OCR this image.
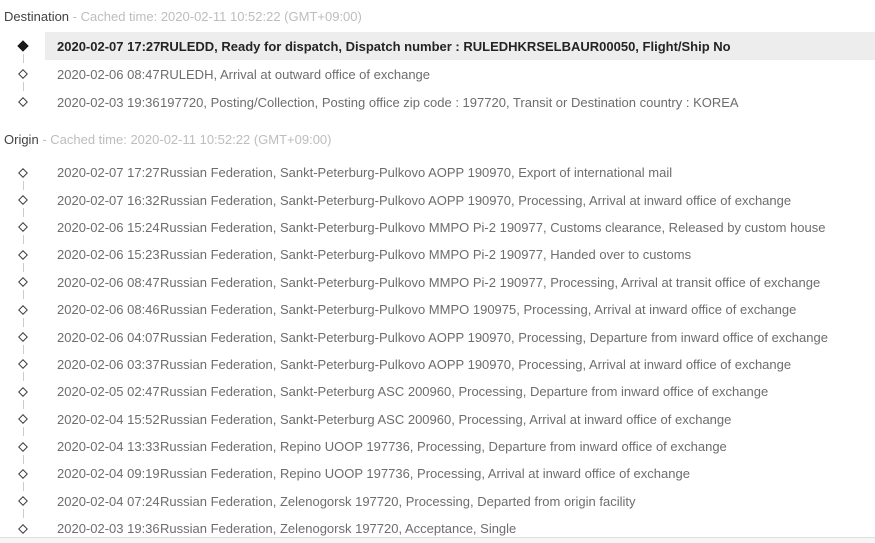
Destination - Cached time: 2020-02-11 10:52:22 (GMT+09:00)
2020-02-07 17:27 RULEDD, Ready for dispatch, Dispatch number : RULEDHKRSELBAUR00050, Flight/Ship No
2020-02-06 08:47 RULEDH, Arrival at outward office of exchange
2020-02-03 19:36 197720, Posting/Collection, Posting office zip code : 197720, Transit or Destination country : KOREA
Origin - Cached time: 2020-02-11 10:52:22 (GMT+09:00)
2020-02-07 17:27 Russian Federation, Sankt-Peterburg-Pulkovo AOPP 190970, Export of international mail
2020-02-07 16:32 Russian Federation, Sankt-Peterburg-Pulkovo AOPP 190970, Processing, Arrival at inward office of exchange
2020-02-06 15:24 Russian Federation, Sankt-Peterburg-Pulkovo MMPO Pi-2 190977, Customs clearance, Released by custom house
2020-02-06 15:23 Russian Federation, Sankt-Peterburg-Pulkovo MMPO Pi-2 190977, Handed over to customs
2020-02-06 08:47 Russian Federation, Sankt-Peterburg-Pulkovo MMPO Pi-2 190977, Processing, Arrival at transit office of exchange
2020-02-06 08:46 Russian Federation, Sankt-Peterburg-Pulkovo MMPO 190975, Processing, Arrival at inward office of exchange
2020-02-06 04:07 Russian Federation, Sankt-Peterburg-Pulkovo AOPP 190970, Processing, Departure from inward office of exchange
2020-02-06 03:37 Russian Federation, Sankt-Peterburg-Pulkovo AOPP 190970, Processing, Arrival at inward office of exchange
2020-02-05 02:47 Russian Federation, Sankt-Peterburg ASC 200960, Processing, Departure from inward office of exchange
2020-02-04 15:52 Russian Federation, Sankt-Peterburg ASC 200960, Processing, Arrival at inward office of exchange
2020-02-04 13:33 Russian Federation, Repino UOOP 197736, Processing, Departure from inward office of exchange
2020-02-04 09:19 Russian Federation, Repino UOOP 197736, Processing, Arrival at inward office of exchange
2020-02-04 07:24 Russian Federation, Zelenogorsk 197720, Processing, Departed from origin facility
2020-02-03 19:36 Russian Federation, Zelenogorsk 197720, Acceptance, Single
